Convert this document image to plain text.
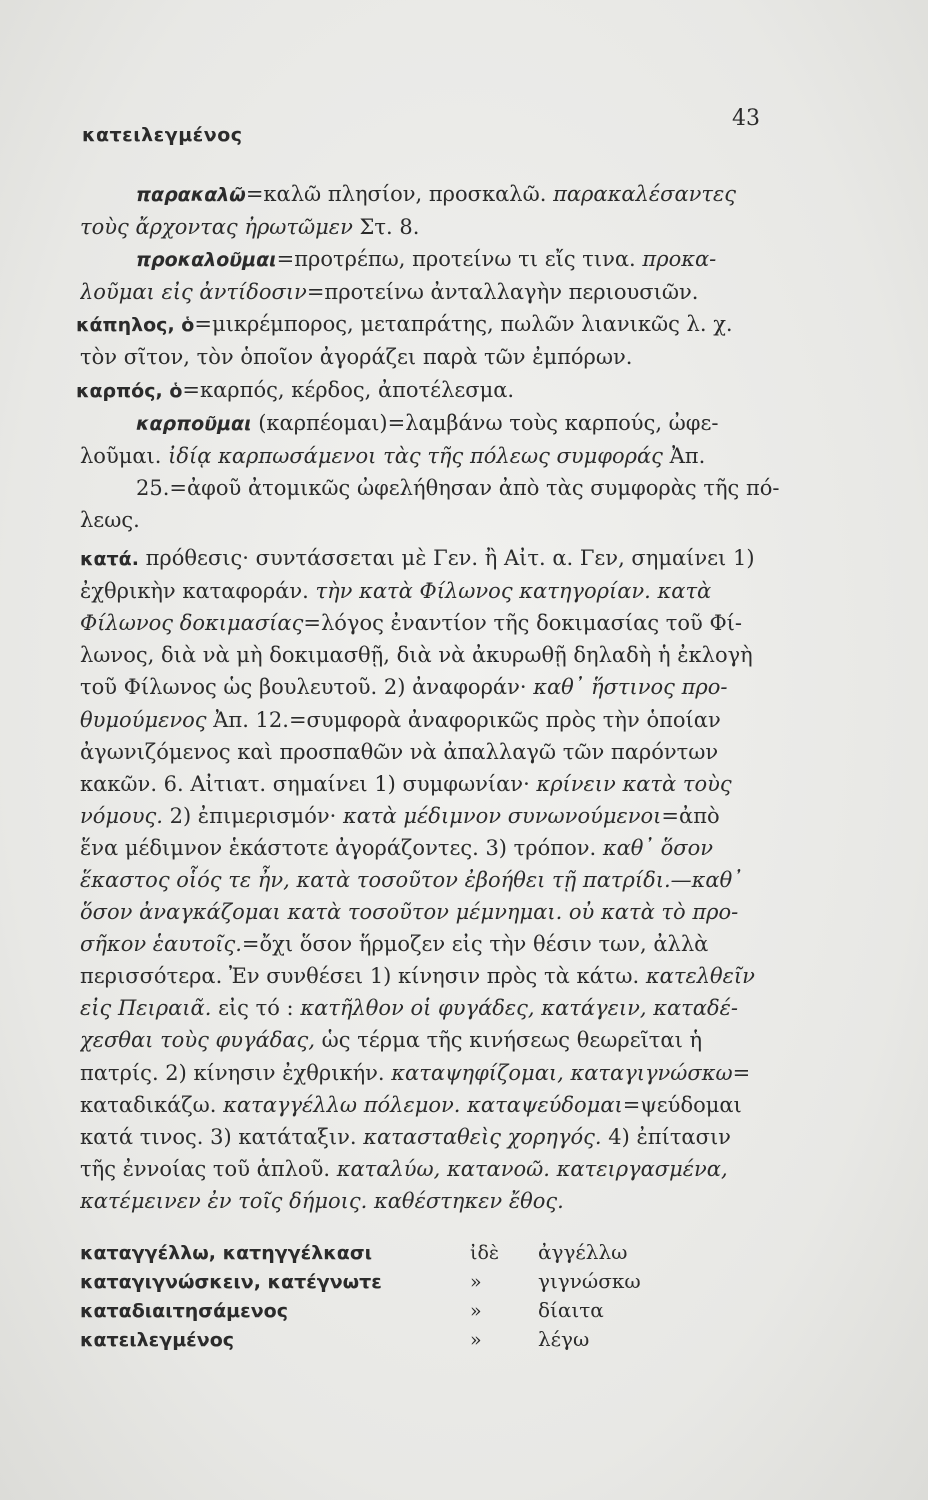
κατειλεγμένος
43
παρακαλῶ=καλῶ πλησίον, προσκαλῶ. παρακαλέσαντες
τοὺς ἄρχοντας ἠρωτῶμεν Στ. 8.
προκαλοῦμαι=προτρέπω, προτείνω τι εἴς τινα. προκα-
λοῦμαι εἰς ἀντίδοσιν=προτείνω ἀνταλλαγὴν περιουσιῶν.
κάπηλος, ὁ=μικρέμπορος, μεταπράτης, πωλῶν λιανικῶς λ. χ.
τὸν σῖτον, τὸν ὁποῖον ἀγοράζει παρὰ τῶν ἐμπόρων.
καρπός, ὁ=καρπός, κέρδος, ἀποτέλεσμα.
καρποῦμαι (καρπέομαι)=λαμβάνω τοὺς καρπούς, ὠφε-
λοῦμαι. ἰδίᾳ καρπωσάμενοι τὰς τῆς πόλεως συμφοράς Ἀπ.
25.=ἀφοῦ ἀτομικῶς ὠφελήθησαν ἀπὸ τὰς συμφορὰς τῆς πό-
λεως.
κατά. πρόθεσις· συντάσσεται μὲ Γεν. ἢ Αἰτ. α. Γεν, σημαίνει 1)
ἐχθρικὴν καταφοράν. τὴν κατὰ Φίλωνος κατηγορίαν. κατὰ
Φίλωνος δοκιμασίας=λόγος ἐναντίον τῆς δοκιμασίας τοῦ Φί-
λωνος, διὰ νὰ μὴ δοκιμασθῇ, διὰ νὰ ἀκυρωθῇ δηλαδὴ ἡ ἐκλογὴ
τοῦ Φίλωνος ὡς βουλευτοῦ. 2) ἀναφοράν· καθ᾽ ἥστινος προ-
θυμούμενος Ἀπ. 12.=συμφορὰ ἀναφορικῶς πρὸς τὴν ὁποίαν
ἀγωνιζόμενος καὶ προσπαθῶν νὰ ἀπαλλαγῶ τῶν παρόντων
κακῶν. 6. Αἰτιατ. σημαίνει 1) συμφωνίαν· κρίνειν κατὰ τοὺς
νόμους. 2) ἐπιμερισμόν· κατὰ μέδιμνον συνωνούμενοι=ἀπὸ
ἕνα μέδιμνον ἑκάστοτε ἀγοράζοντες. 3) τρόπον. καθ᾽ ὅσον
ἕκαστος οἷός τε ἦν, κατὰ τοσοῦτον ἐβοήθει τῇ πατρίδι.—καθ᾽
ὅσον ἀναγκάζομαι κατὰ τοσοῦτον μέμνημαι. οὐ κατὰ τὸ προ-
σῆκον ἑαυτοῖς.=ὄχι ὅσον ἥρμοζεν εἰς τὴν θέσιν των, ἀλλὰ
περισσότερα. Ἐν συνθέσει 1) κίνησιν πρὸς τὰ κάτω. κατελθεῖν
εἰς Πειραιᾶ. εἰς τό : κατῆλθον οἱ φυγάδες, κατάγειν, καταδέ-
χεσθαι τοὺς φυγάδας, ὡς τέρμα τῆς κινήσεως θεωρεῖται ἡ
πατρίς. 2) κίνησιν ἐχθρικήν. καταψηφίζομαι, καταγιγνώσκω=
καταδικάζω. καταγγέλλω πόλεμον. καταψεύδομαι=ψεύδομαι
κατά τινος. 3) κατάταξιν. κατασταθεὶς χορηγός. 4) ἐπίτασιν
τῆς ἐννοίας τοῦ ἁπλοῦ. καταλύω, κατανοῶ. κατειργασμένα,
κατέμεινεν ἐν τοῖς δήμοις. καθέστηκεν ἔθος.
καταγγέλλω, κατηγγέλκασι	ἰδὲ	ἀγγέλλω
καταγιγνώσκειν, κατέγνωτε	»	γιγνώσκω
καταδιαιτησάμενος	»	δίαιτα
κατειλεγμένος	»	λέγω
